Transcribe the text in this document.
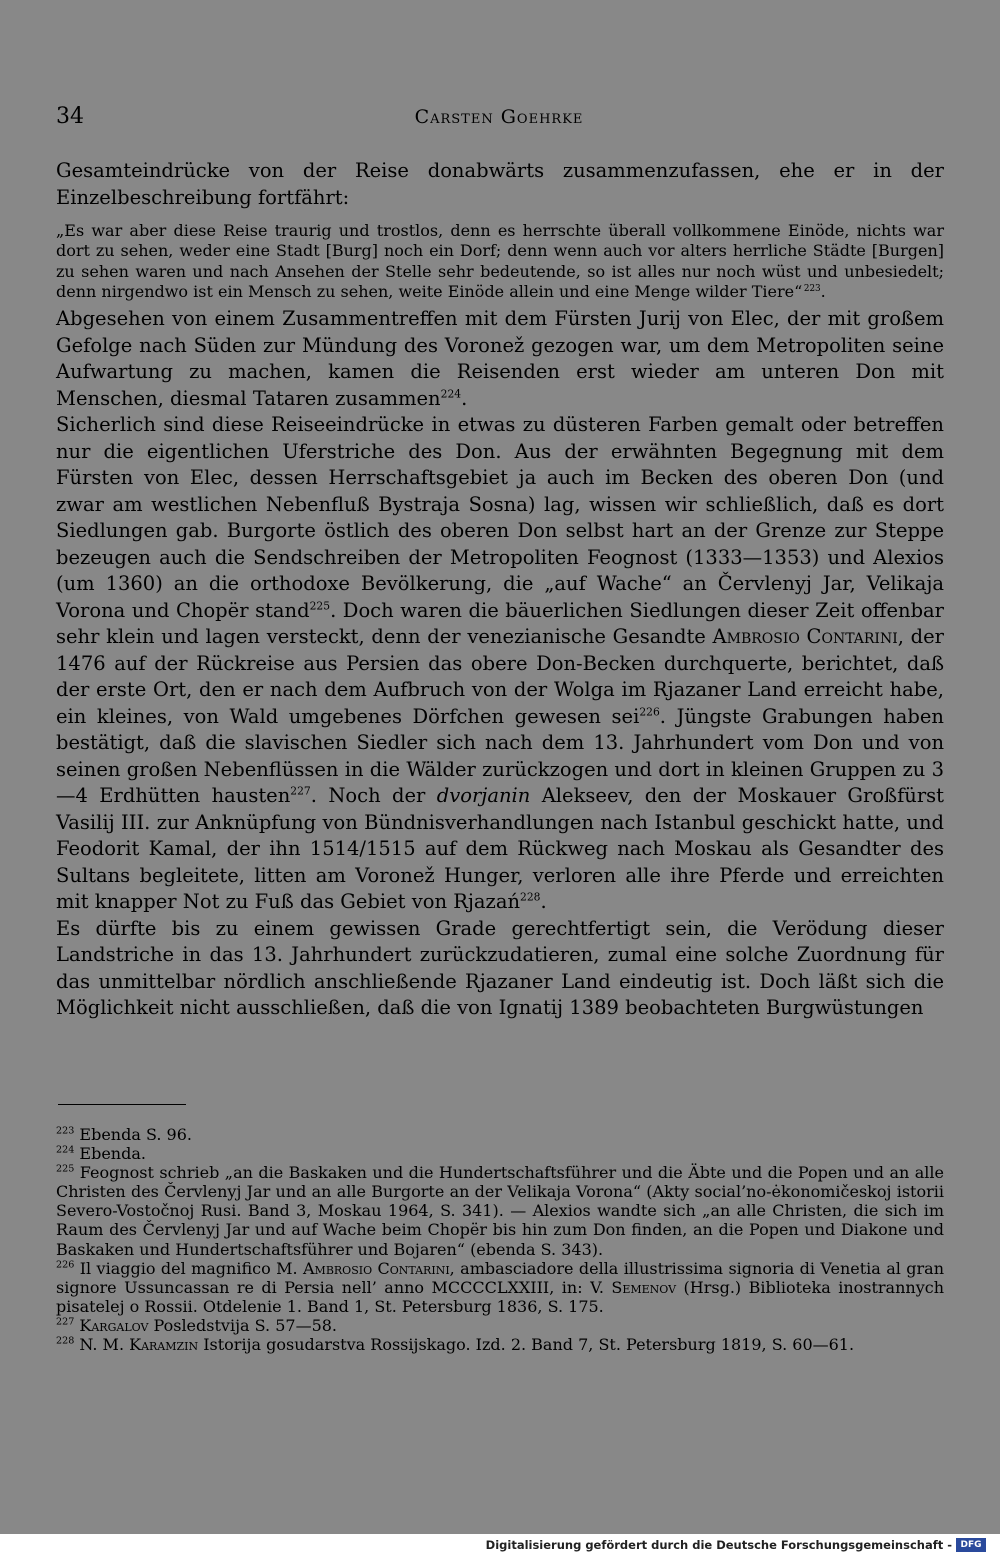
34	Carsten Goehrke

Gesamteindrücke von der Reise donabwärts zusammenzufassen, ehe er in der Einzelbeschreibung fortfährt:

„Es war aber diese Reise traurig und trostlos, denn es herrschte überall vollkommene Einöde, nichts war dort zu sehen, weder eine Stadt [Burg] noch ein Dorf; denn wenn auch vor alters herrliche Städte [Burgen] zu sehen waren und nach Ansehen der Stelle sehr bedeutende, so ist alles nur noch wüst und unbesiedelt; denn nirgendwo ist ein Mensch zu sehen, weite Einöde allein und eine Menge wilder Tiere“  $^{223}$.

Abgesehen von einem Zusammentreffen mit dem Fürsten Jurij von Elec, der mit großem Gefolge nach Süden zur Mündung des Voronež gezogen war, um dem Metropoliten seine Aufwartung zu machen, kamen die Reisenden erst wieder am unteren Don mit Menschen, diesmal Tataren zusammen$^{224}$.

Sicherlich sind diese Reiseeindrücke in etwas zu düsteren Farben gemalt oder betreffen nur die eigentlichen Uferstriche des Don. Aus der erwähnten Begegnung mit dem Fürsten von Elec, dessen Herrschaftsgebiet ja auch im Becken des oberen Don (und zwar am westlichen Nebenfluß Bystraja Sosna) lag, wissen wir schließlich, daß es dort Siedlungen gab. Burgorte östlich des oberen Don selbst hart an der Grenze zur Steppe bezeugen auch die Sendschreiben der Metropoliten Feognost (1333—1353) und Alexios (um 1360) an die orthodoxe Bevölkerung, die „auf Wache“ an Červlenyj Jar, Velikaja Vorona und Chopër stand$^{225}$. Doch waren die bäuerlichen Siedlungen dieser Zeit offenbar sehr klein und lagen versteckt, denn der venezianische Gesandte Ambrosio Contarini, der 1476 auf der Rückreise aus Persien das obere Don-Becken durchquerte, berichtet, daß der erste Ort, den er nach dem Aufbruch von der Wolga im Rjazaner Land erreicht habe, ein kleines, von Wald umgebenes Dörfchen gewesen sei$^{226}$. Jüngste Grabungen haben bestätigt, daß die slavischen Siedler sich nach dem 13. Jahrhundert vom Don und von seinen großen Nebenflüssen in die Wälder zurückzogen und dort in kleinen Gruppen zu 3—4 Erdhütten hausten$^{227}$. Noch der dvorjanin Alekseev, den der Moskauer Großfürst Vasilij III. zur Anknüpfung von Bündnisverhandlungen nach Istanbul geschickt hatte, und Feodorit Kamal, der ihn 1514/1515 auf dem Rückweg nach Moskau als Gesandter des Sultans begleitete, litten am Voronež Hunger, verloren alle ihre Pferde und erreichten mit knapper Not zu Fuß das Gebiet von Rjazań$^{228}$.

Es dürfte bis zu einem gewissen Grade gerechtfertigt sein, die Verödung dieser Landstriche in das 13. Jahrhundert zurückzudatieren, zumal eine solche Zuordnung für das unmittelbar nördlich anschließende Rjazaner Land eindeutig ist. Doch läßt sich die Möglichkeit nicht ausschließen, daß die von Ignatij 1389 beobachteten Burgwüstungen

$^{223}$ Ebenda S. 96.

$^{224}$ Ebenda.

$^{225}$ Feognost schrieb „an die Baskaken und die Hundertschaftsführer und die Äbte und die Popen und an alle Christen des Červlenyj Jar und an alle Burgorte an der Velikaja Vorona“ (Akty social’no-ėkonomičeskoj istorii Severo-Vostočnoj Rusi. Band 3, Moskau 1964, S. 341). — Alexios wandte sich „an alle Christen, die sich im Raum des Červlenyj Jar und auf Wache beim Chopër bis hin zum Don finden, an die Popen und Diakone und Baskaken und Hundertschaftsführer und Bojaren“ (ebenda S. 343).

$^{226}$ Il viaggio del magnifico M. Ambrosio Contarini, ambasciadore della illustrissima signoria di Venetia al gran signore Ussuncassan re di Persia nell’ anno MCCCCLXXIII, in: V. Semenov (Hrsg.) Biblioteka inostrannych pisatelej o Rossii. Otdelenie 1. Band 1, St. Petersburg 1836, S. 175.

$^{227}$ Kargalov Posledstvija S. 57—58.

$^{228}$ N. M. Karamzin Istorija gosudarstva Rossijskago. Izd. 2. Band 7, St. Petersburg 1819, S. 60—61.

Digitalisierung gefördert durch die Deutsche Forschungsgemeinschaft - DFG
